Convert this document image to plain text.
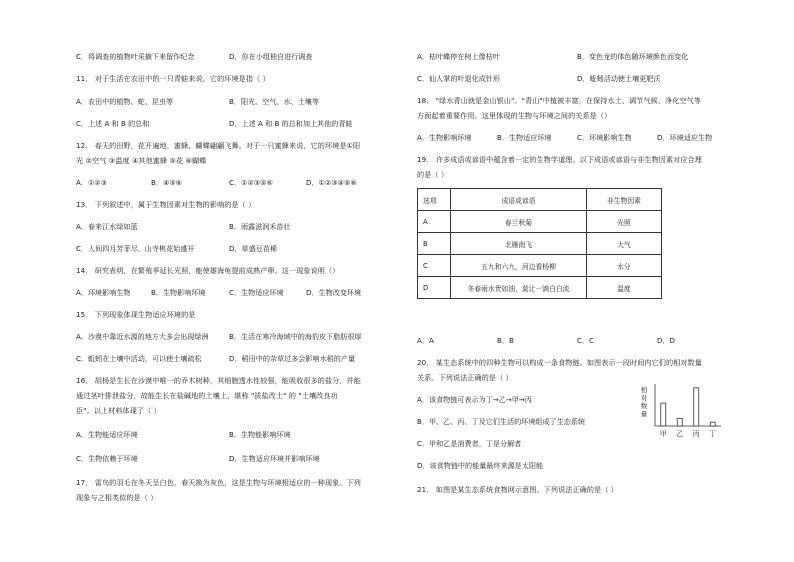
C．将调查的植物叶采摘下来留作纪念	D．你在小组独自进行调查
11． 对于生活在农田中的一只青蛙来说，它的环境是指（ ）
A．农田中的植物、蛇、昆虫等	B．阳光、空气、水、土壤等
C．上述 A 和 B 的总和	D．上述 A 和 B 的总和加上其他的青蛙
12． 春天的田野，花开遍地，蜜蜂、蝴蝶翩翩飞舞。对于一只蜜蜂来说，它的环境是①阳
光 ②空气 ③温度 ④其他蜜蜂 ⑤花 ⑥蝴蝶
A．①②③	B．④⑤⑥	C．①②③⑤⑥	D．①②③④⑤⑥
13． 下列叙述中，属于生物因素对生物的影响的是（ ）
A．春来江水绿如蓝	B．雨露滋润禾苗壮
C．人间四月芳菲尽，山寺桃花始盛开	D．草盛豆苗稀
14． 研究表明，在繁殖季延长光照，能使雄海龟提前成熟产卵。这一现象说明（）
A．环境影响生物	B．生物影响环境	C．生物适应环境	D．生物改变环境
15． 下列现象体现生物适应环境的是
A．沙漠中靠近水源的地方大多会出现绿洲	B．生活在寒冷海域中的海豹皮下脂肪很厚
C．蚯蚓在土壤中活动，可以使土壤疏松	D．稻田中的杂草过多会影响水稻的产量
16． 胡杨是生长在沙漠中唯一的乔木树种，其细胞透水性较强，能吸收很多的盐分，并能
通过茎叶排泄盐分，故能生长在盐碱地的土壤上，堪称 "拔盐改土" 的 "土壤改良功
臣"。以上材料体现了（ ）
A．生物能适应环境	B．生物能影响环境
C．生物依赖于环境	D．生物适应环境并影响环境
17． 雷鸟的羽毛在冬天呈白色，春天换为灰色，这是生物与环境相适应的一种现象。下列
现象与之相类似的是（ ）
A．枯叶蝶停在树上像枯叶	B．变色龙的体色随环境颜色而变化
C．仙人掌的叶退化成针形	D．蚯蚓活动使土壤更肥沃
18． "绿水青山就是金山银山"。"青山"中植被丰富，在保持水土、调节气候、净化空气等
方面起着重要作用。这里体现的生物与环境之间的关系是（）
A．生物影响环境	B．生物适应环境	C．环境影响生物	D．环境适应生物
19． 许多成语或谚语中蕴含着一定的生物学道理。以下成语或谚语与非生物因素对应合理
的是（ ）
选项	成语或谚语	非生物因素
A	春兰秋菊	光照
B	北雁南飞	大气
C	五九和六九，河边看杨柳	水分
D	冬春雨水贵如油，莫让一滴白白流	温度
A．A	B．B	C．C	D．D
20． 某生态系统中的四种生物可以构成一条食物链。如图表示一段时间内它们的相对数量
关系。下列说法正确的是（ ）
A．该食物链可表示为丁→乙→甲→丙
B．甲、乙、丙、丁及它们生活的环境组成了生态系统
C．甲和乙是消费者，丁是分解者
D．该食物链中的能量最终来源是太阳能
21． 如图是某生态系统食物网示意图。下列说法正确的是（ ）
相
对
数
量
甲 乙 丙 丁
